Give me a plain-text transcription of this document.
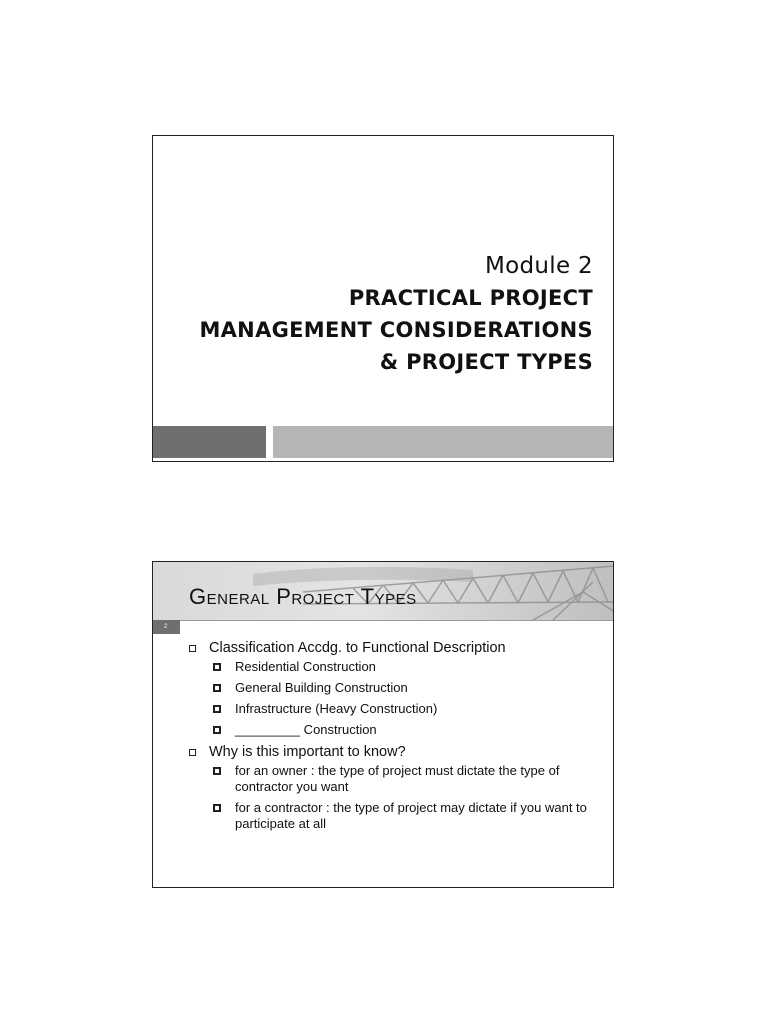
Module 2
PRACTICAL PROJECT
MANAGEMENT CONSIDERATIONS
& PROJECT TYPES
General Project Types
2
Classification Accdg. to Functional Description
Residential Construction
General Building Construction
Infrastructure (Heavy Construction)
_________ Construction
Why is this important to know?
for an owner : the type of project must dictate the type of contractor you want
for a contractor : the type of project may dictate if you want to participate at all
